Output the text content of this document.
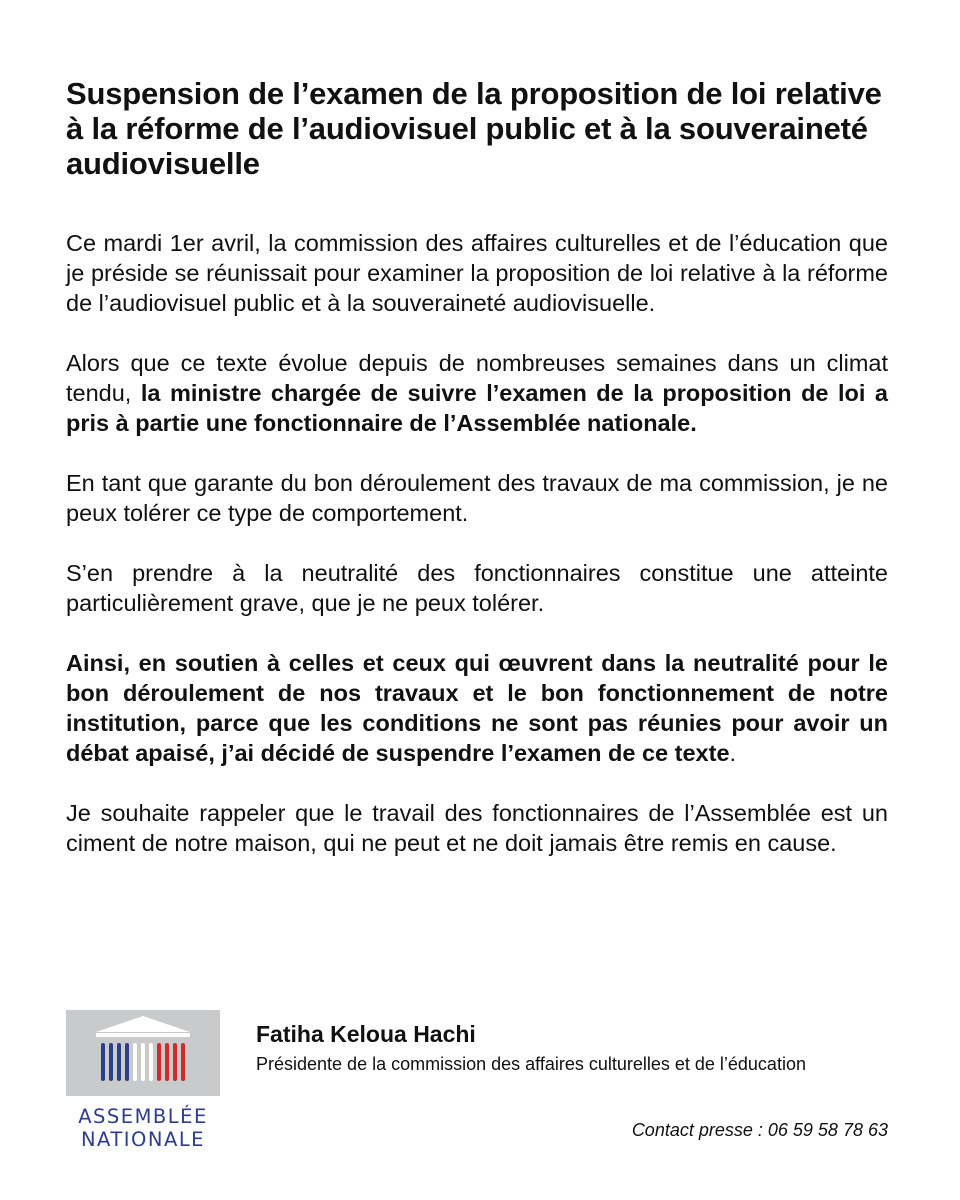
Suspension de l’examen de la proposition de loi relative à la réforme de l’audiovisuel public et à la souveraineté audiovisuelle

Ce mardi 1er avril, la commission des affaires culturelles et de l’éducation que je préside se réunissait pour examiner la proposition de loi relative à la réforme de l’audiovisuel public et à la souveraineté audiovisuelle.

Alors que ce texte évolue depuis de nombreuses semaines dans un climat tendu, la ministre chargée de suivre l’examen de la proposition de loi a pris à partie une fonctionnaire de l’Assemblée nationale.

En tant que garante du bon déroulement des travaux de ma commission, je ne peux tolérer ce type de comportement.

S’en prendre à la neutralité des fonctionnaires constitue une atteinte particulièrement grave, que je ne peux tolérer.

Ainsi, en soutien à celles et ceux qui œuvrent dans la neutralité pour le bon déroulement de nos travaux et le bon fonctionnement de notre institution, parce que les conditions ne sont pas réunies pour avoir un débat apaisé, j’ai décidé de suspendre l’examen de ce texte.

Je souhaite rappeler que le travail des fonctionnaires de l’Assemblée est un ciment de notre maison, qui ne peut et ne doit jamais être remis en cause.

ASSEMBLÉE
NATIONALE
Fatiha Keloua Hachi
Présidente de la commission des affaires culturelles et de l’éducation
Contact presse : 06 59 58 78 63
